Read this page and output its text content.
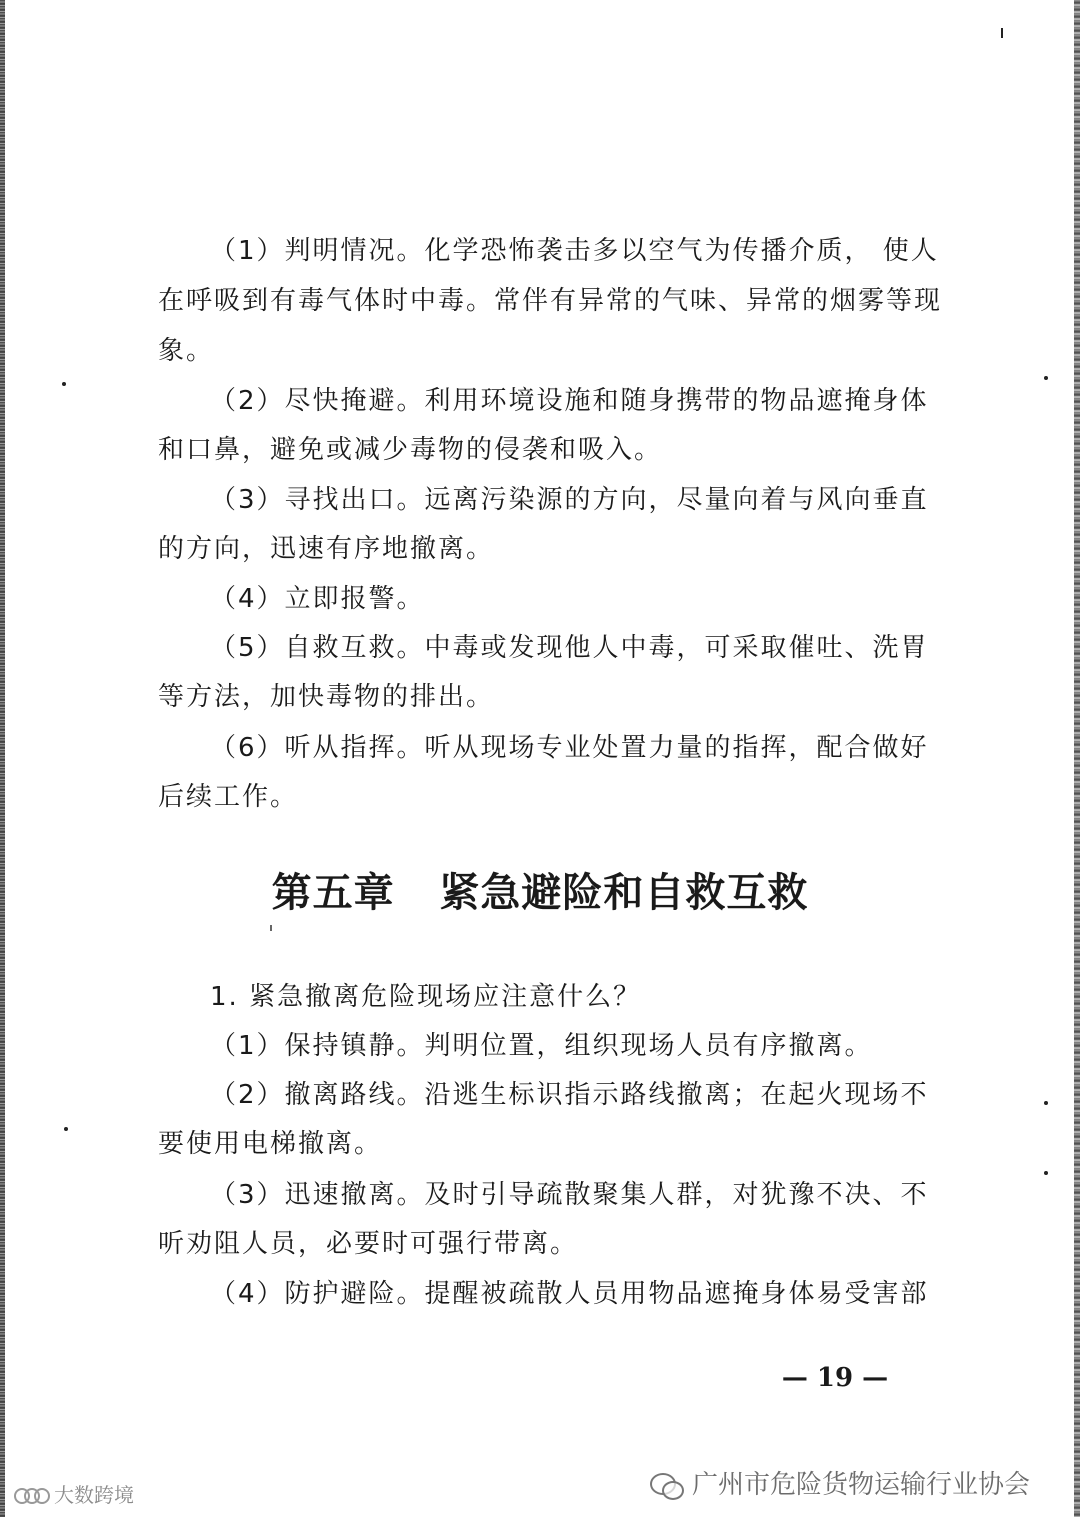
（1）判明情况。化学恐怖袭击多以空气为传播介质， 使人
在呼吸到有毒气体时中毒。常伴有异常的气味、异常的烟雾等现
象。
（2）尽快掩避。利用环境设施和随身携带的物品遮掩身体
和口鼻，避免或减少毒物的侵袭和吸入。
（3）寻找出口。远离污染源的方向，尽量向着与风向垂直
的方向，迅速有序地撤离。
（4）立即报警。
（5）自救互救。中毒或发现他人中毒，可采取催吐、洗胃
等方法，加快毒物的排出。
（6）听从指挥。听从现场专业处置力量的指挥，配合做好
后续工作。
第五章   紧急避险和自救互救
1. 紧急撤离危险现场应注意什么？
（1）保持镇静。判明位置，组织现场人员有序撤离。
（2）撤离路线。沿逃生标识指示路线撤离；在起火现场不
要使用电梯撤离。
（3）迅速撤离。及时引导疏散聚集人群，对犹豫不决、不
听劝阻人员，必要时可强行带离。
（4）防护避险。提醒被疏散人员用物品遮掩身体易受害部
— 19 —
广州市危险货物运输行业协会
大数跨境
